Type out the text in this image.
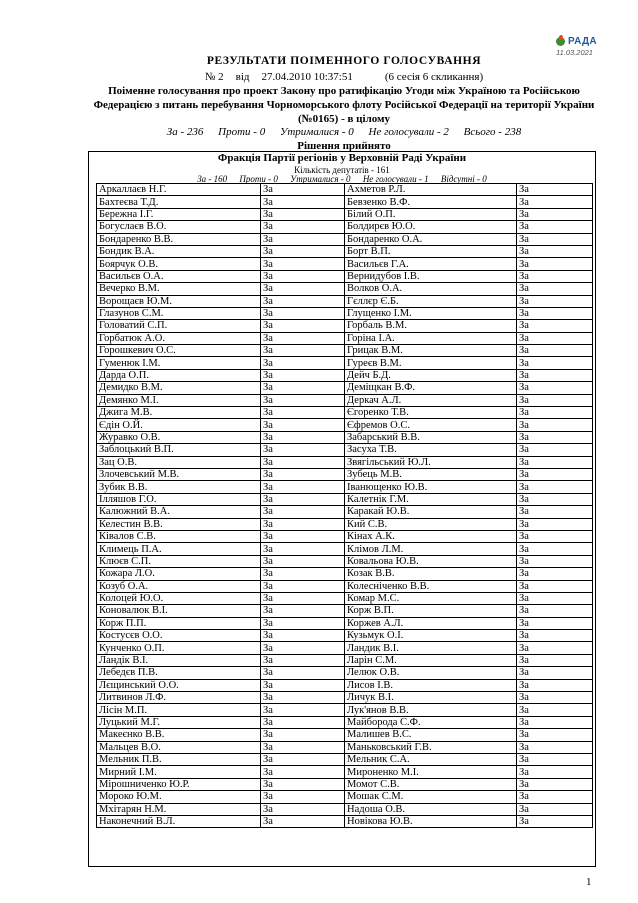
РАДА
11.03.2021
РЕЗУЛЬТАТИ ПОІМЕННОГО ГОЛОСУВАННЯ
№ 2 від 27.04.2010 10:37:51	(6 сесія 6 скликання)
Поіменне голосування про проект Закону про ратифікацію Угоди між Україною та Російською
Федерацією з питань перебування Чорноморського флоту Російської Федерації на території України
(№0165) - в цілому
За - 236 Проти - 0 Утрималися - 0 Не голосували - 2 Всього - 238
Рішення прийнято
Фракція Партії регіонів у Верховній Раді України
Кількість депутатів - 161
За - 160 Проти - 0 Утрималися - 0 Не голосували - 1 Відсутні - 0
Аркаллаєв Н.Г.	За	Ахметов Р.Л.	За
Бахтеєва Т.Д.	За	Бевзенко В.Ф.	За
Бережна І.Г.	За	Білий О.П.	За
Богуслаєв В.О.	За	Болдирєв Ю.О.	За
Бондаренко В.В.	За	Бондаренко О.А.	За
Бондик В.А.	За	Борт В.П.	За
Боярчук О.В.	За	Васильєв Г.А.	За
Васильєв О.А.	За	Вернидубов І.В.	За
Вечерко В.М.	За	Волков О.А.	За
Ворощаєв Ю.М.	За	Гєллєр Є.Б.	За
Глазунов С.М.	За	Глущенко І.М.	За
Головатий С.П.	За	Горбаль В.М.	За
Горбатюк А.О.	За	Горіна І.А.	За
Горошкевич О.С.	За	Грицак В.М.	За
Гуменюк І.М.	За	Гуреєв В.М.	За
Дарда О.П.	За	Дейч Б.Д.	За
Демидко В.М.	За	Деміщкан В.Ф.	За
Демянко М.І.	За	Деркач А.Л.	За
Джига М.В.	За	Єгоренко Т.В.	За
Єдін О.Й.	За	Єфремов О.С.	За
Журавко О.В.	За	Забарський В.В.	За
Заблоцький В.П.	За	Засуха Т.В.	За
Зац О.В.	За	Звягільський Ю.Л.	За
Злочевський М.В.	За	Зубець М.В.	За
Зубик В.В.	За	Іванющенко Ю.В.	За
Ілляшов Г.О.	За	Калетнік Г.М.	За
Калюжний В.А.	За	Каракай Ю.В.	За
Келестин В.В.	За	Кий С.В.	За
Ківалов С.В.	За	Кінах А.К.	За
Климець П.А.	За	Клімов Л.М.	За
Клюєв С.П.	За	Ковальова Ю.В.	За
Кожара Л.О.	За	Козак В.В.	За
Козуб О.А.	За	Колесніченко В.В.	За
Колоцей Ю.О.	За	Комар М.С.	За
Коновалюк В.І.	За	Корж В.П.	За
Корж П.П.	За	Коржев А.Л.	За
Костусєв О.О.	За	Кузьмук О.І.	За
Кунченко О.П.	За	Ландик В.І.	За
Ландік В.І.	За	Ларін С.М.	За
Лебедєв П.В.	За	Лелюк О.В.	За
Лєщинський О.О.	За	Лисов І.В.	За
Литвинов Л.Ф.	За	Личук В.І.	За
Лісін М.П.	За	Лук'янов В.В.	За
Луцький М.Г.	За	Майборода С.Ф.	За
Макеєнко В.В.	За	Малишев В.С.	За
Мальцев В.О.	За	Маньковський Г.В.	За
Мельник П.В.	За	Мельник С.А.	За
Мирний І.М.	За	Мироненко М.І.	За
Мірошниченко Ю.Р.	За	Момот С.В.	За
Мороко Ю.М.	За	Мошак С.М.	За
Мхітарян Н.М.	За	Надоша О.В.	За
Наконечний В.Л.	За	Новікова Ю.В.	За
1
